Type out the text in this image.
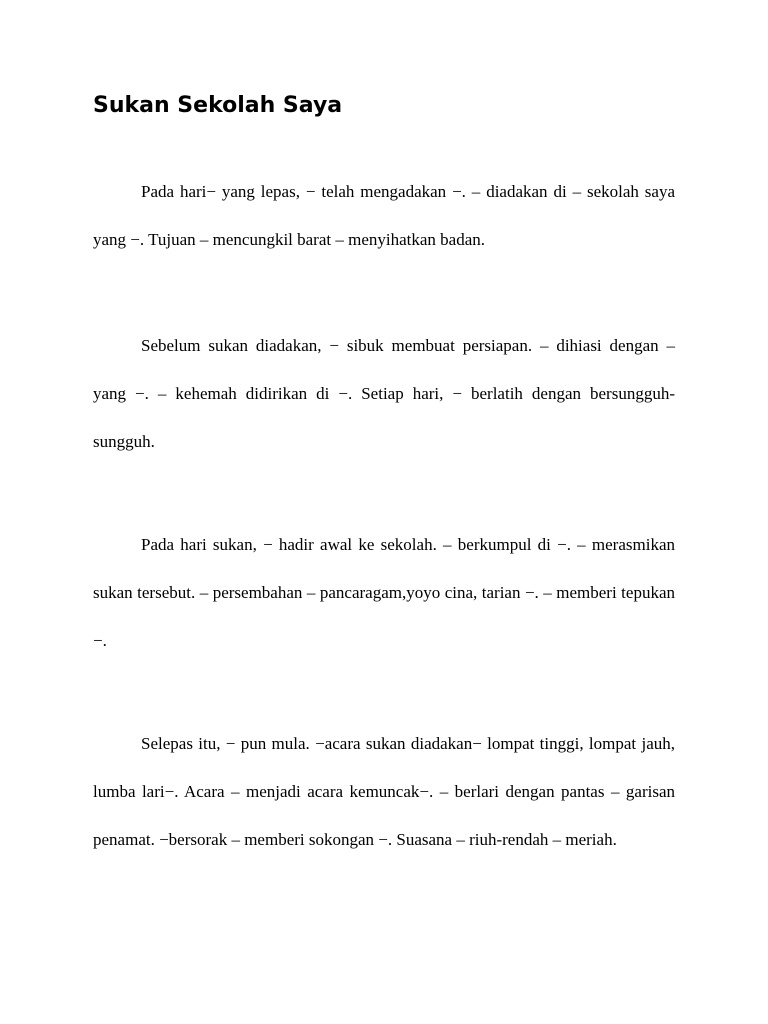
Sukan Sekolah Saya

Pada hari− yang lepas, − telah mengadakan −. – diadakan di – sekolah saya yang −. Tujuan – mencungkil barat – menyihatkan badan.

Sebelum sukan diadakan, − sibuk membuat persiapan. – dihiasi dengan – yang −. – kehemah didirikan di −. Setiap hari, − berlatih dengan bersungguh-sungguh.

Pada hari sukan, − hadir awal ke sekolah. – berkumpul di −. – merasmikan sukan tersebut. – persembahan – pancaragam,yoyo cina, tarian −. – memberi tepukan −.

Selepas itu, − pun mula. −acara sukan diadakan− lompat tinggi, lompat jauh, lumba lari−. Acara – menjadi acara kemuncak−. – berlari dengan pantas – garisan penamat. −bersorak – memberi sokongan −. Suasana – riuh-rendah – meriah.
